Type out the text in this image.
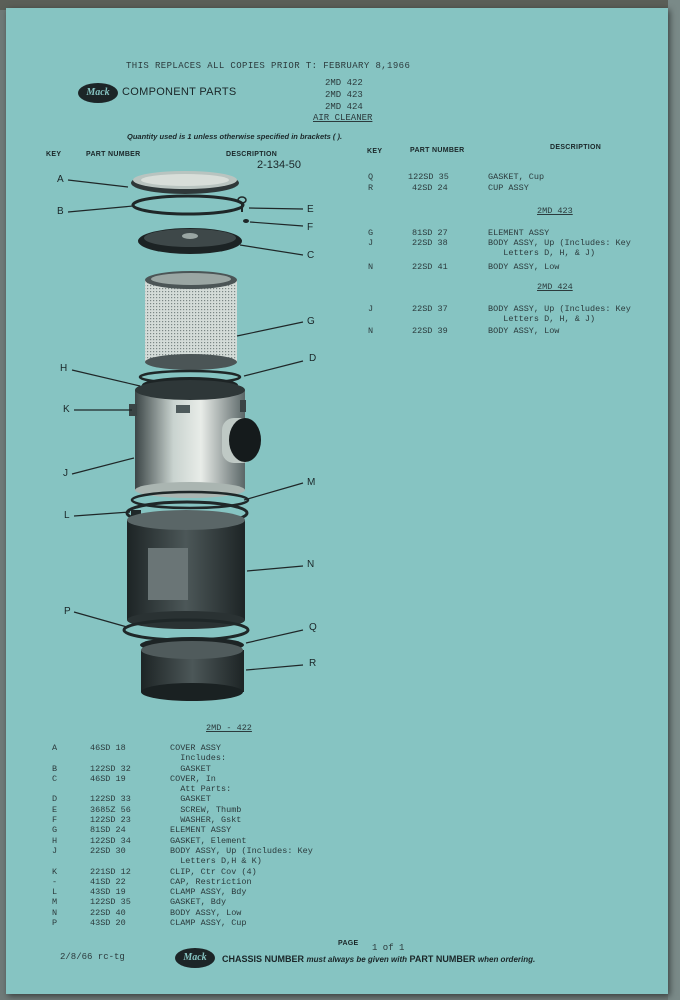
THIS REPLACES ALL COPIES PRIOR T: FEBRUARY 8,1966
Mack	COMPONENT PARTS
2MD 422
2MD 423
2MD 424
AIR CLEANER
Quantity used is 1 unless otherwise specified in brackets ( ).
KEY	PART NUMBER	DESCRIPTION	KEY	PART NUMBER	DESCRIPTION
2-134-50
A
B
C
D
E
F
G
H
J
K
L
M
N
P
Q
R
Q	122SD 35	GASKET, Cup
R	42SD 24	CUP ASSY
2MD 423
G	81SD 27	ELEMENT ASSY
J	22SD 38	BODY ASSY, Up (Includes: Key
Letters D, H, & J)
N	22SD 41	BODY ASSY, Low
2MD 424
J	22SD 37	BODY ASSY, Up (Includes: Key
Letters D, H, & J)
N	22SD 39	BODY ASSY, Low
2MD - 422
A	46SD 18	COVER ASSY
Includes:
B	122SD 32	GASKET
C	46SD 19	COVER, In
Att Parts:
D	122SD 33	GASKET
E	3685Z 56	SCREW, Thumb
F	122SD 23	WASHER, Gskt
G	81SD 24	ELEMENT ASSY
H	122SD 34	GASKET, Element
J	22SD 30	BODY ASSY, Up (Includes: Key
Letters D,H & K)
K	221SD 12	CLIP, Ctr Cov (4)
-	41SD 22	CAP, Restriction
L	43SD 19	CLAMP ASSY, Bdy
M	122SD 35	GASKET, Bdy
N	22SD 40	BODY ASSY, Low
P	43SD 20	CLAMP ASSY, Cup
2/8/66 rc-tg
PAGE 1 of 1
Mack	CHASSIS NUMBER must always be given with PART NUMBER when ordering.
